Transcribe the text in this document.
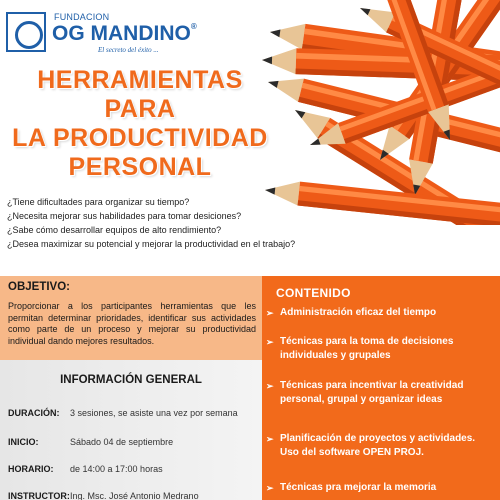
FUNDACION
OG MANDINO®
El secreto del éxito ...
HERRAMIENTAS
PARA
LA PRODUCTIVIDAD
PERSONAL
¿Tiene dificultades para organizar su tiempo?
¿Necesita mejorar sus habilidades para tomar desiciones?
¿Sabe cómo desarrollar equipos de alto rendimiento?
¿Desea maximizar su potencial y mejorar la productividad en el trabajo?
OBJETIVO:

Proporcionar a los participantes herramientas que les permitan determinar prioridades, identificar sus actividades como parte de un proceso y mejorar su productividad individual dando mejores resultados.

INFORMACIÓN GENERAL
DURACIÓN: 3 sesiones, se asiste una vez por semana
INICIO:	Sábado 04 de septiembre
HORARIO: de 14:00 a 17:00 horas
INSTRUCTOR:Ing. Msc. José Antonio Medrano
CONTENIDO
➢ Administración eficaz del tiempo
➢ Técnicas para la toma de decisiones individuales y grupales
➢ Técnicas para incentivar la creatividad personal, grupal y organizar ideas
➢ Planificación de proyectos y actividades. Uso del software OPEN PROJ.
➢ Técnicas pra mejorar la memoria
